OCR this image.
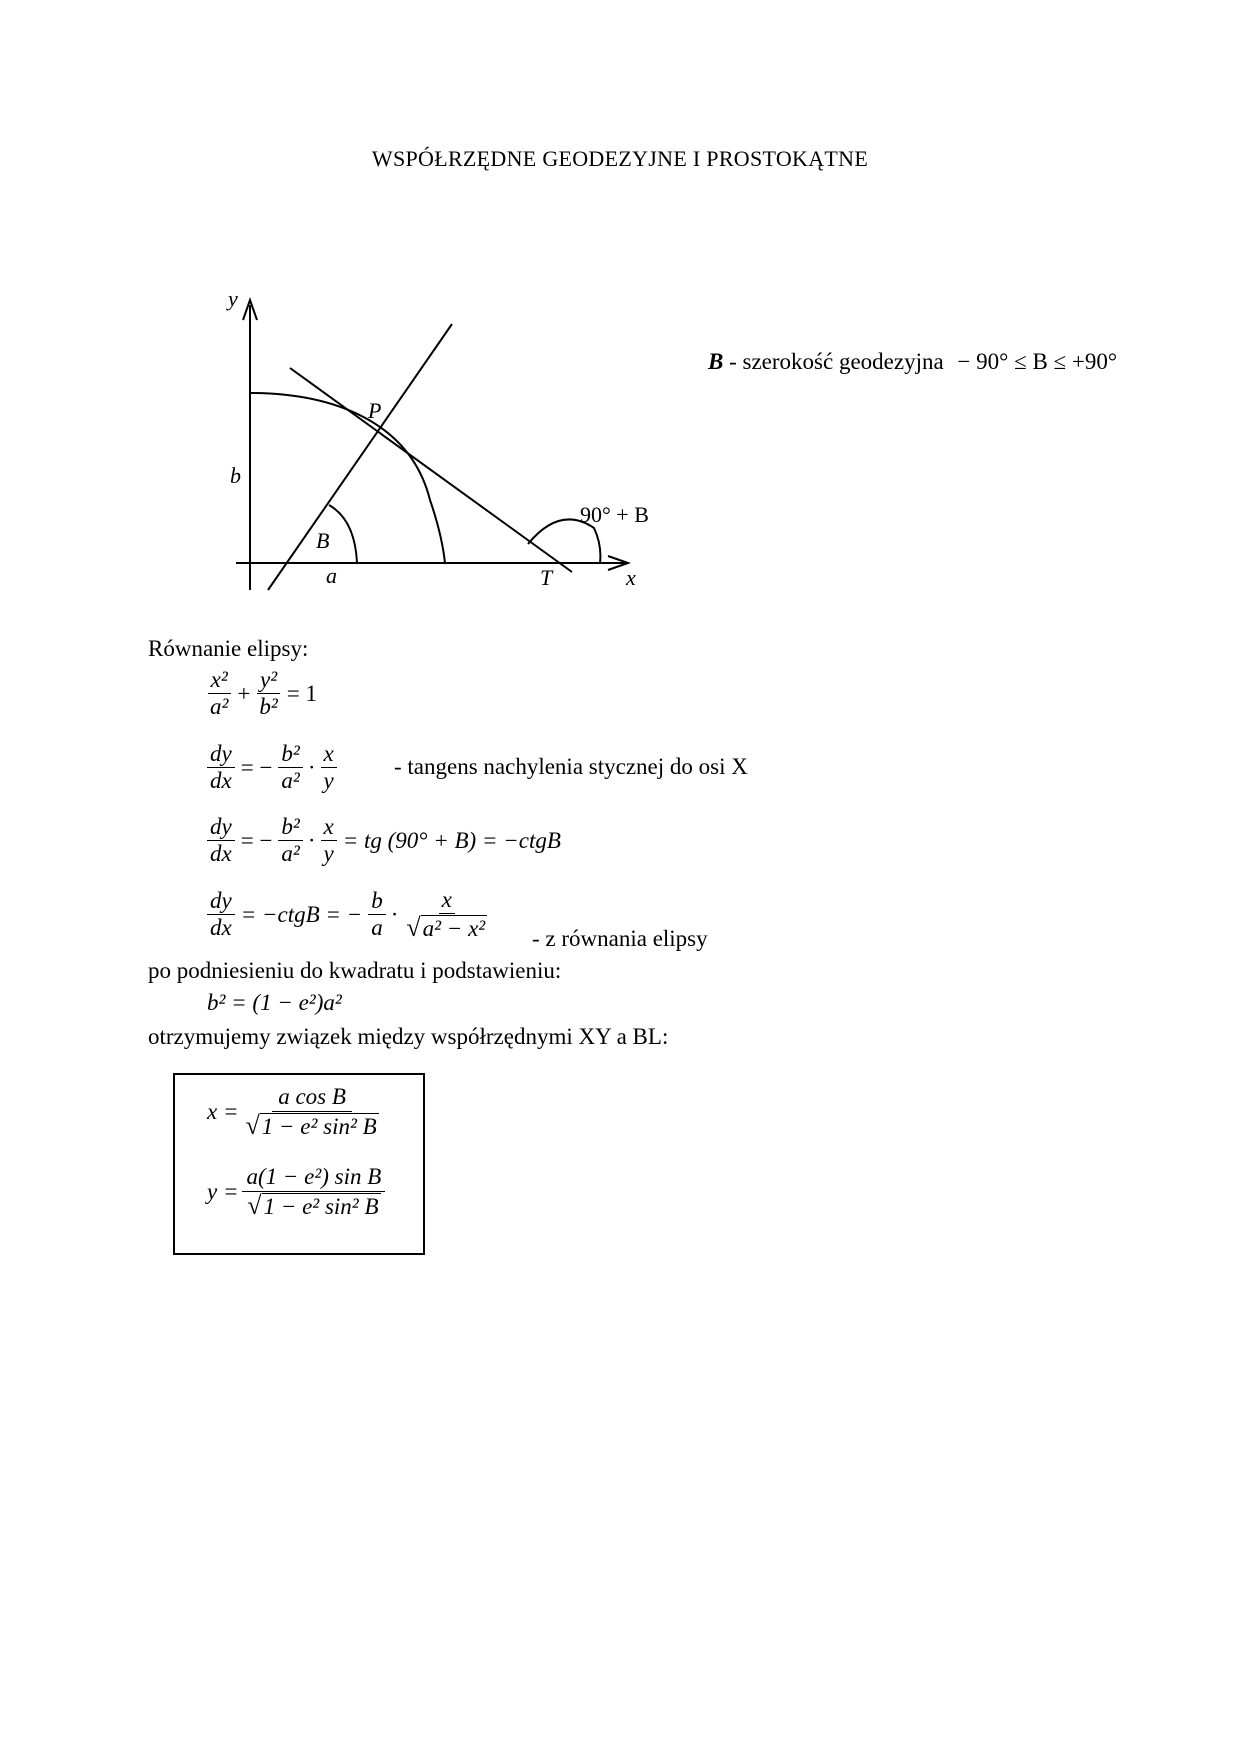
WSPÓŁRZĘDNE GEODEZYJNE I PROSTOKĄTNE
y
b
P
B
a	T	x
90° + B
B - szerokość geodezyjna − 90° ≤ B ≤ +90°
Równanie elipsy:
$\frac{\text{x²}}{\text{a²}} + \frac{\text{y²}}{\text{b²}} = 1$
$\frac{dy}{dx}$ = − $\frac{\text{b²}}{\text{a²}} \cdot \frac{x}{y}$ - tangens nachylenia stycznej do osi X
$\frac{dy}{dx}$ = − $\frac{\text{b²}}{\text{a²}} \cdot \frac{x}{y}$ = tg (90° + B) = −ctgB
$\frac{dy}{dx}$ = −ctgB = − $\frac{b}{a} \cdot \frac{x}{\text{√ a² − x²}} - z$ równania elipsy
po podniesieniu do kwadratu i podstawieniu:
b² = (1 − e²)a²
otrzymujemy związek między współrzędnymi XY a BL:
$x = \frac{\text{a cos B}}{\text{√ 1 − e² sin² B}}$
$y = \frac{\text{a(1 − e²) sin B}}{\text{√ 1 − e² sin² B}}$
